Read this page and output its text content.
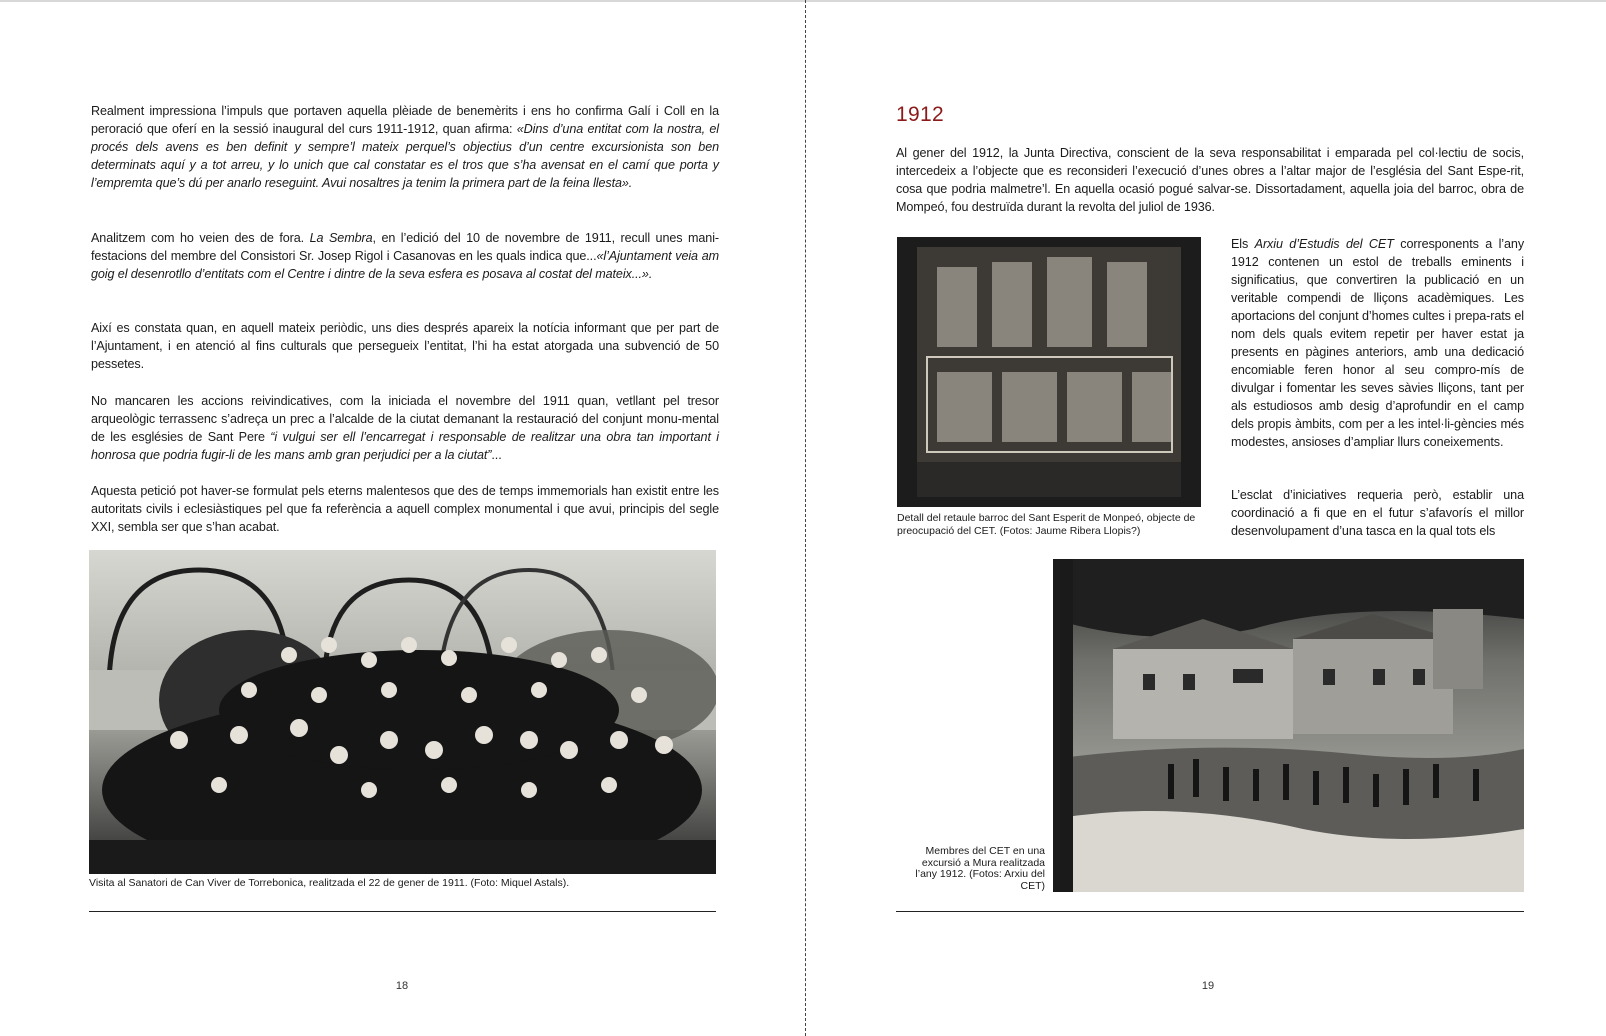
Realment impressiona l’impuls que portaven aquella plèiade de benemèrits i ens ho confirma Galí i Coll en la peroració que oferí en la sessió inaugural del curs 1911-1912, quan afirma: «Dins d’una entitat com la nostra, el procés dels avens es ben definit y sempre’l mateix perquel’s objectius d’un centre excursionista son ben determinats aquí y a tot arreu, y lo unich que cal constatar es el tros que s’ha avensat en el camí que porta y l’empremta que’s dú per anarlo reseguint. Avui nosaltres ja tenim la primera part de la feina llesta».

Analitzem com ho veien des de fora. La Sembra, en l’edició del 10 de novembre de 1911, recull unes mani-festacions del membre del Consistori Sr. Josep Rigol i Casanovas en les quals indica que...«l’Ajuntament veia am goig el desenrotllo d’entitats com el Centre i dintre de la seva esfera es posava al costat del mateix...».

Així es constata quan, en aquell mateix periòdic, uns dies després apareix la notícia informant que per part de l’Ajuntament, i en atenció al fins culturals que persegueix l’entitat, l’hi ha estat atorgada una subvenció de 50 pessetes.

No mancaren les accions reivindicatives, com la iniciada el novembre del 1911 quan, vetllant pel tresor arqueològic terrassenc s’adreça un prec a l’alcalde de la ciutat demanant la restauració del conjunt monu-mental de les esglésies de Sant Pere “i vulgui ser ell l’encarregat i responsable de realitzar una obra tan important i honrosa que podria fugir-li de les mans amb gran perjudici per a la ciutat”...

Aquesta petició pot haver-se formulat pels eterns malentesos que des de temps immemorials han existit entre les autoritats civils i eclesiàstiques pel que fa referència a aquell complex monumental i que avui, principis del segle XXI, sembla ser que s’han acabat.

Visita al Sanatori de Can Viver de Torrebonica, realitzada el 22 de gener de 1911. (Foto: Miquel Astals).

18
1912

Al gener del 1912, la Junta Directiva, conscient de la seva responsabilitat i emparada pel col·lectiu de socis, intercedeix a l’objecte que es reconsideri l’execució d’unes obres a l’altar major de l’església del Sant Espe-rit, cosa que podria malmetre’l. En aquella ocasió pogué salvar-se. Dissortadament, aquella joia del barroc, obra de Mompeó, fou destruïda durant la revolta del juliol de 1936.

Detall del retaule barroc del Sant Esperit de Monpeó, objecte de preocupació del CET. (Fotos: Jaume Ribera Llopis?)

Els Arxiu d’Estudis del CET corresponents a l’any 1912 contenen un estol de treballs eminents i significatius, que convertiren la publicació en un veritable compendi de lliçons acadèmiques. Les aportacions del conjunt d’homes cultes i prepa-rats el nom dels quals evitem repetir per haver estat ja presents en pàgines anteriors, amb una dedicació encomiable feren honor al seu compro-mís de divulgar i fomentar les seves sàvies lliçons, tant per als estudiosos amb desig d’aprofundir en el camp dels propis àmbits, com per a les intel·li-gències més modestes, ansioses d’ampliar llurs coneixements.

L’esclat d’iniciatives requeria però, establir una coordinació a fi que en el futur s’afavorís el millor desenvolupament d’una tasca en la qual tots els

Membres del CET en una excursió a Mura realitzada l’any 1912. (Fotos: Arxiu del CET)

19
